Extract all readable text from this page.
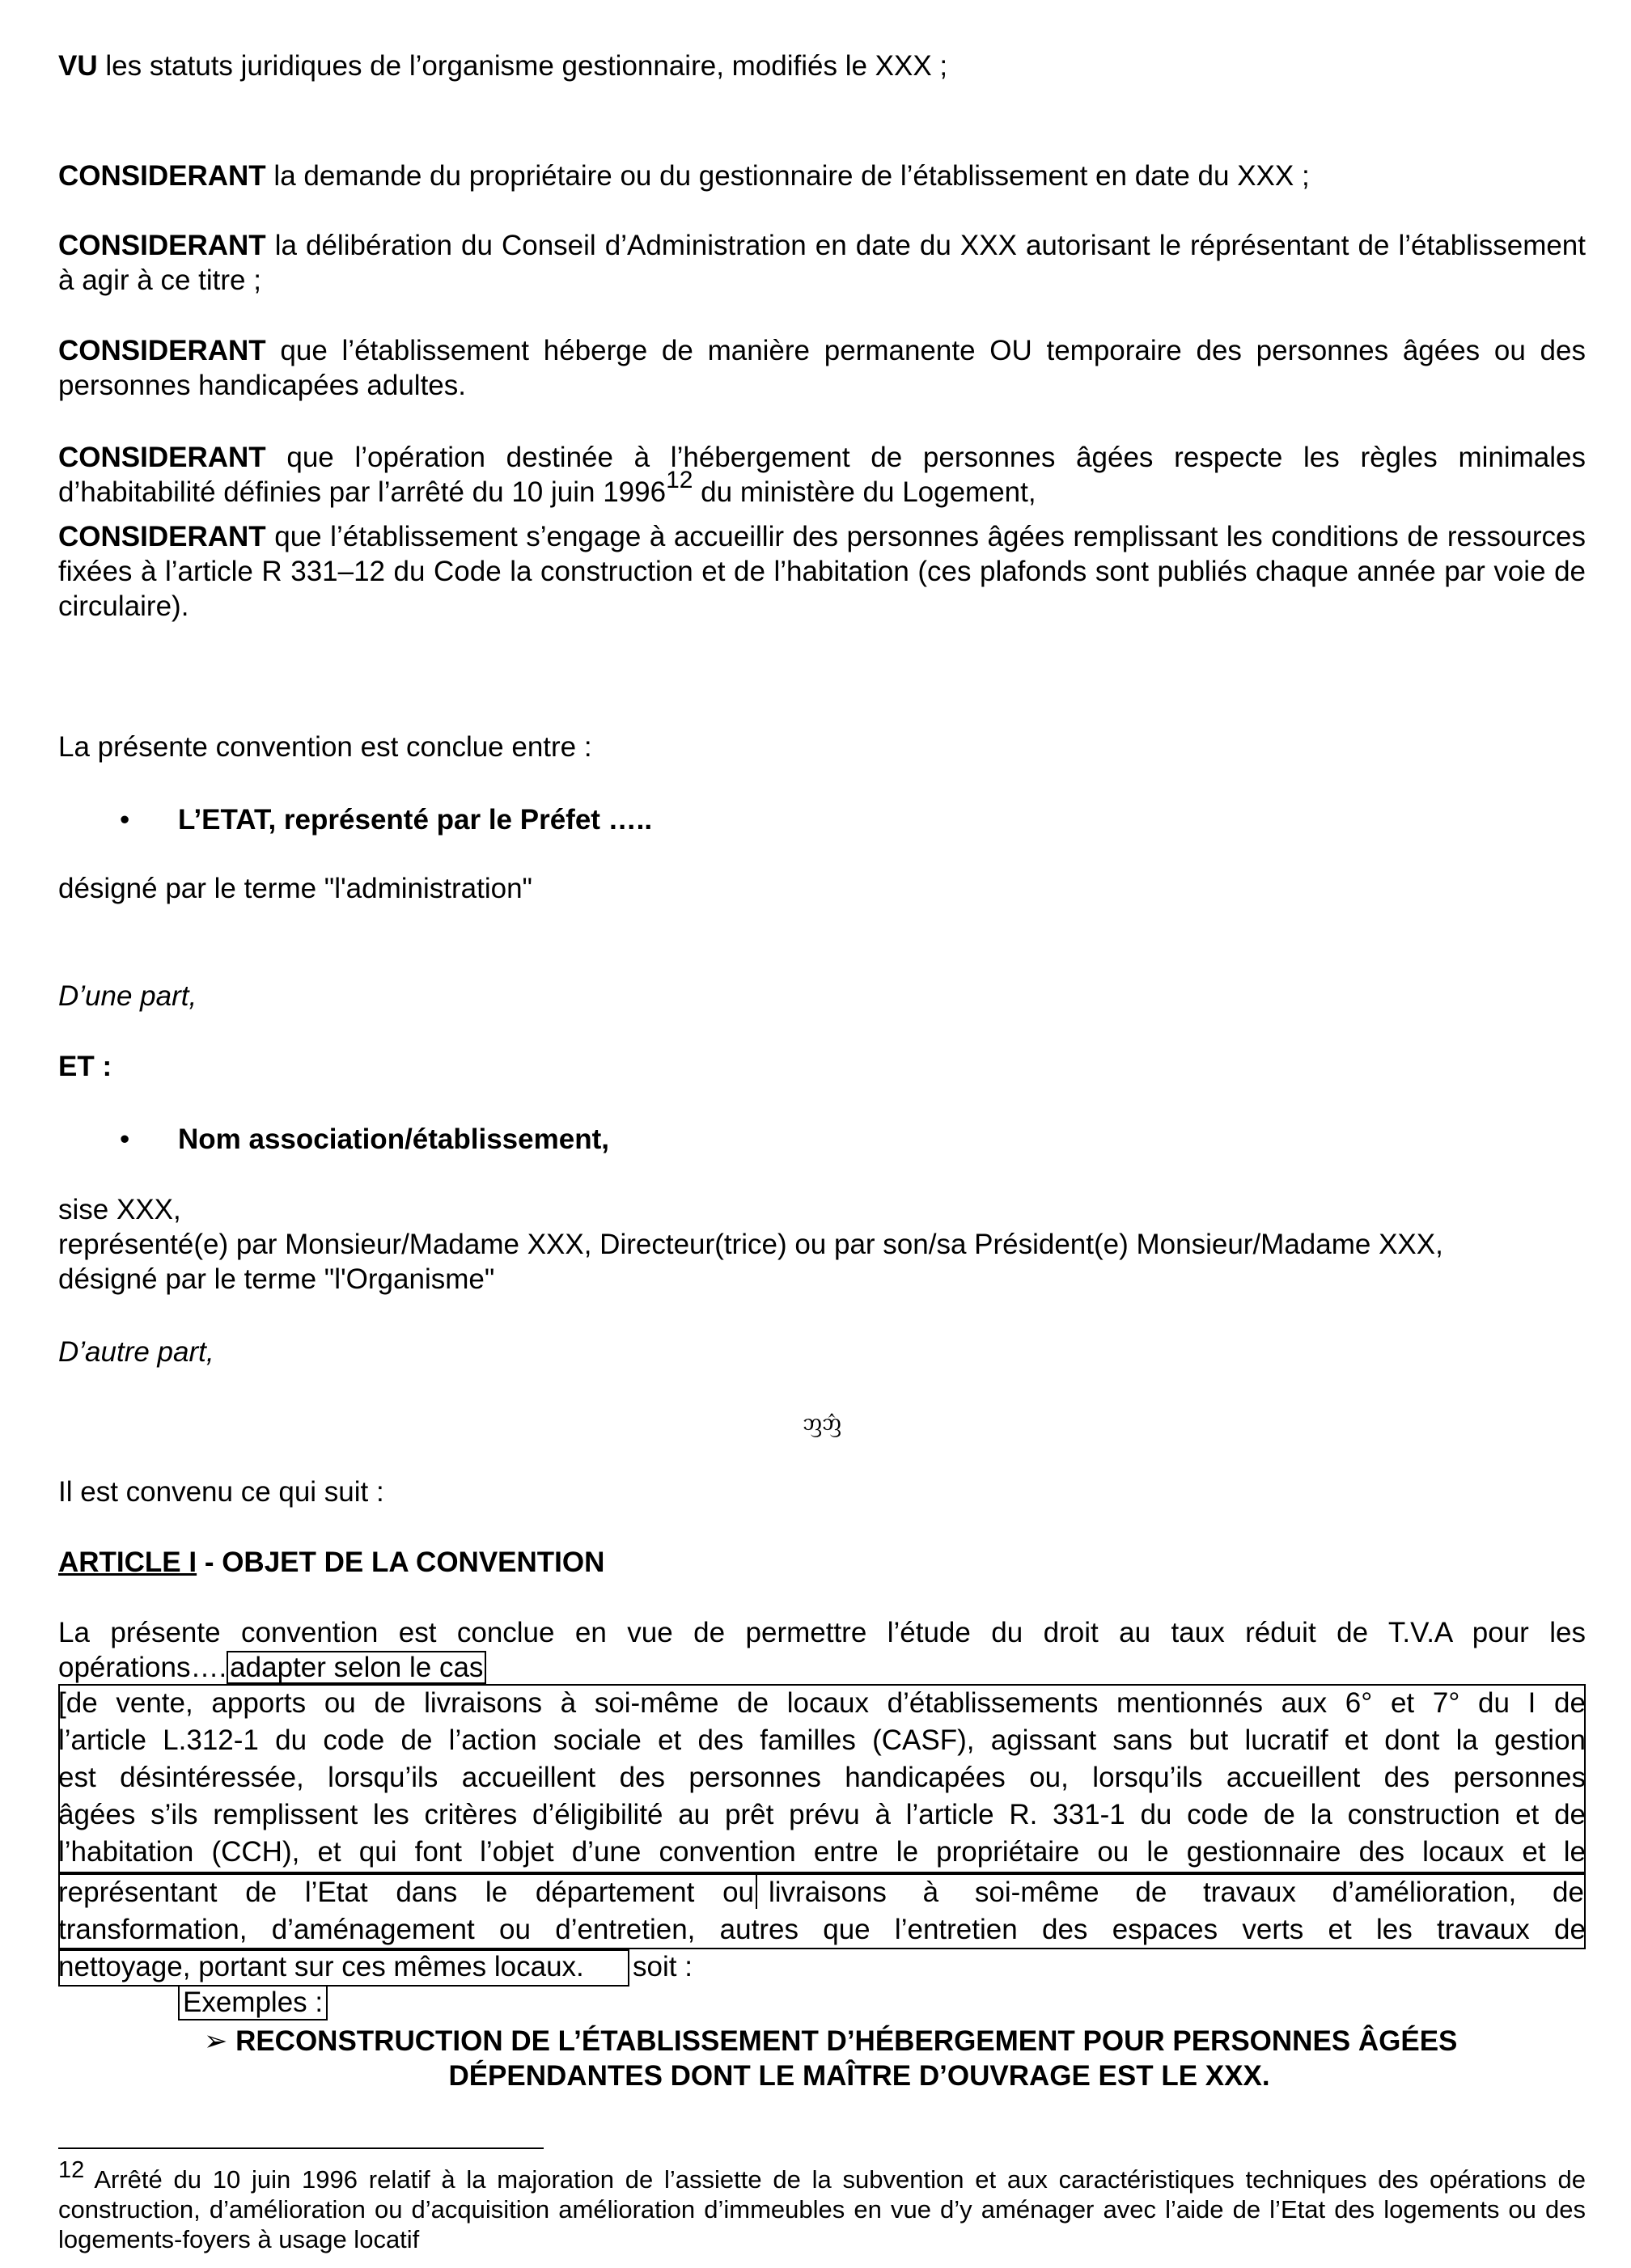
VU les statuts juridiques de l’organisme gestionnaire, modifiés le XXX ;
CONSIDERANT la demande du propriétaire ou du gestionnaire de l’établissement en date du XXX ;
CONSIDERANT la délibération du Conseil d’Administration en date du XXX autorisant le réprésentant de l’établissement à agir à ce titre ;
CONSIDERANT que l’établissement héberge de manière permanente OU temporaire des personnes âgées ou des personnes handicapées adultes.
CONSIDERANT que l’opération destinée à l’hébergement de personnes âgées respecte les règles minimales d’habitabilité définies par l’arrêté du 10 juin 1996$^{12}$ du ministère du Logement,
CONSIDERANT que l’établissement s’engage à accueillir des personnes âgées remplissant les conditions de ressources fixées à l’article R 331–12 du Code la construction et de l’habitation (ces plafonds sont publiés chaque année par voie de circulaire).
La présente convention est conclue entre :
• L’ETAT, représenté par le Préfet …..
désigné par le terme "l'administration"
D’une part,
ET :
• Nom association/établissement,
sise XXX,
représenté(e) par Monsieur/Madame XXX, Directeur(trice) ou par son/sa Président(e) Monsieur/Madame XXX,
désigné par le terme "l'Organisme"
D’autre part,
ᦀᦁ
Il est convenu ce qui suit :
ARTICLE I - OBJET DE LA CONVENTION
La présente convention est conclue en vue de permettre l’étude du droit au taux réduit de T.V.A pour les
opérations…. adapter selon le cas
[de vente, apports ou de livraisons à soi-même de locaux d’établissements mentionnés aux 6° et 7° du I de
l’article L.312-1 du code de l’action sociale et des familles (CASF), agissant sans but lucratif et dont la gestion
est désintéressée, lorsqu’ils accueillent des personnes handicapées ou, lorsqu’ils accueillent des personnes
âgées s’ils remplissent les critères d’éligibilité au prêt prévu à l’article R. 331-1 du code de la construction et de
l’habitation (CCH), et qui font l’objet d’une convention entre le propriétaire ou le gestionnaire des locaux et le
représentant de l’Etat dans le département ou livraisons à soi-même de travaux d’amélioration, de
transformation, d’aménagement ou d’entretien, autres que l’entretien des espaces verts et les travaux de
nettoyage, portant sur ces mêmes locaux. soit :
Exemples :
➢ RECONSTRUCTION DE L’ÉTABLISSEMENT D’HÉBERGEMENT POUR PERSONNES ÂGÉES
DÉPENDANTES DONT LE MAÎTRE D’OUVRAGE EST LE XXX.
$^{12}$ Arrêté du 10 juin 1996 relatif à la majoration de l’assiette de la subvention et aux caractéristiques techniques des opérations de construction, d’amélioration ou d’acquisition amélioration d’immeubles en vue d’y aménager avec l’aide de l’Etat des logements ou des logements-foyers à usage locatif
